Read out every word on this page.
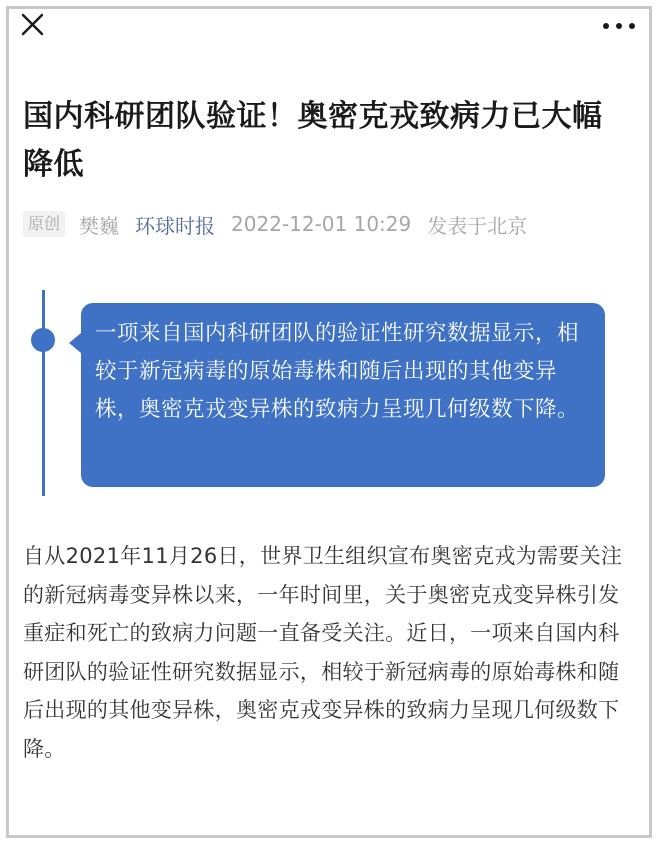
国内科研团队验证！奥密克戎致病力已大幅降低
原创 樊巍 环球时报 2022-12-01 10:29 发表于北京

一项来自国内科研团队的验证性研究数据显示，相较于新冠病毒的原始毒株和随后出现的其他变异株，奥密克戎变异株的致病力呈现几何级数下降。

自从2021年11月26日，世界卫生组织宣布奥密克戎为需要关注的新冠病毒变异株以来，一年时间里，关于奥密克戎变异株引发重症和死亡的致病力问题一直备受关注。近日，一项来自国内科研团队的验证性研究数据显示，相较于新冠病毒的原始毒株和随后出现的其他变异株，奥密克戎变异株的致病力呈现几何级数下降。
